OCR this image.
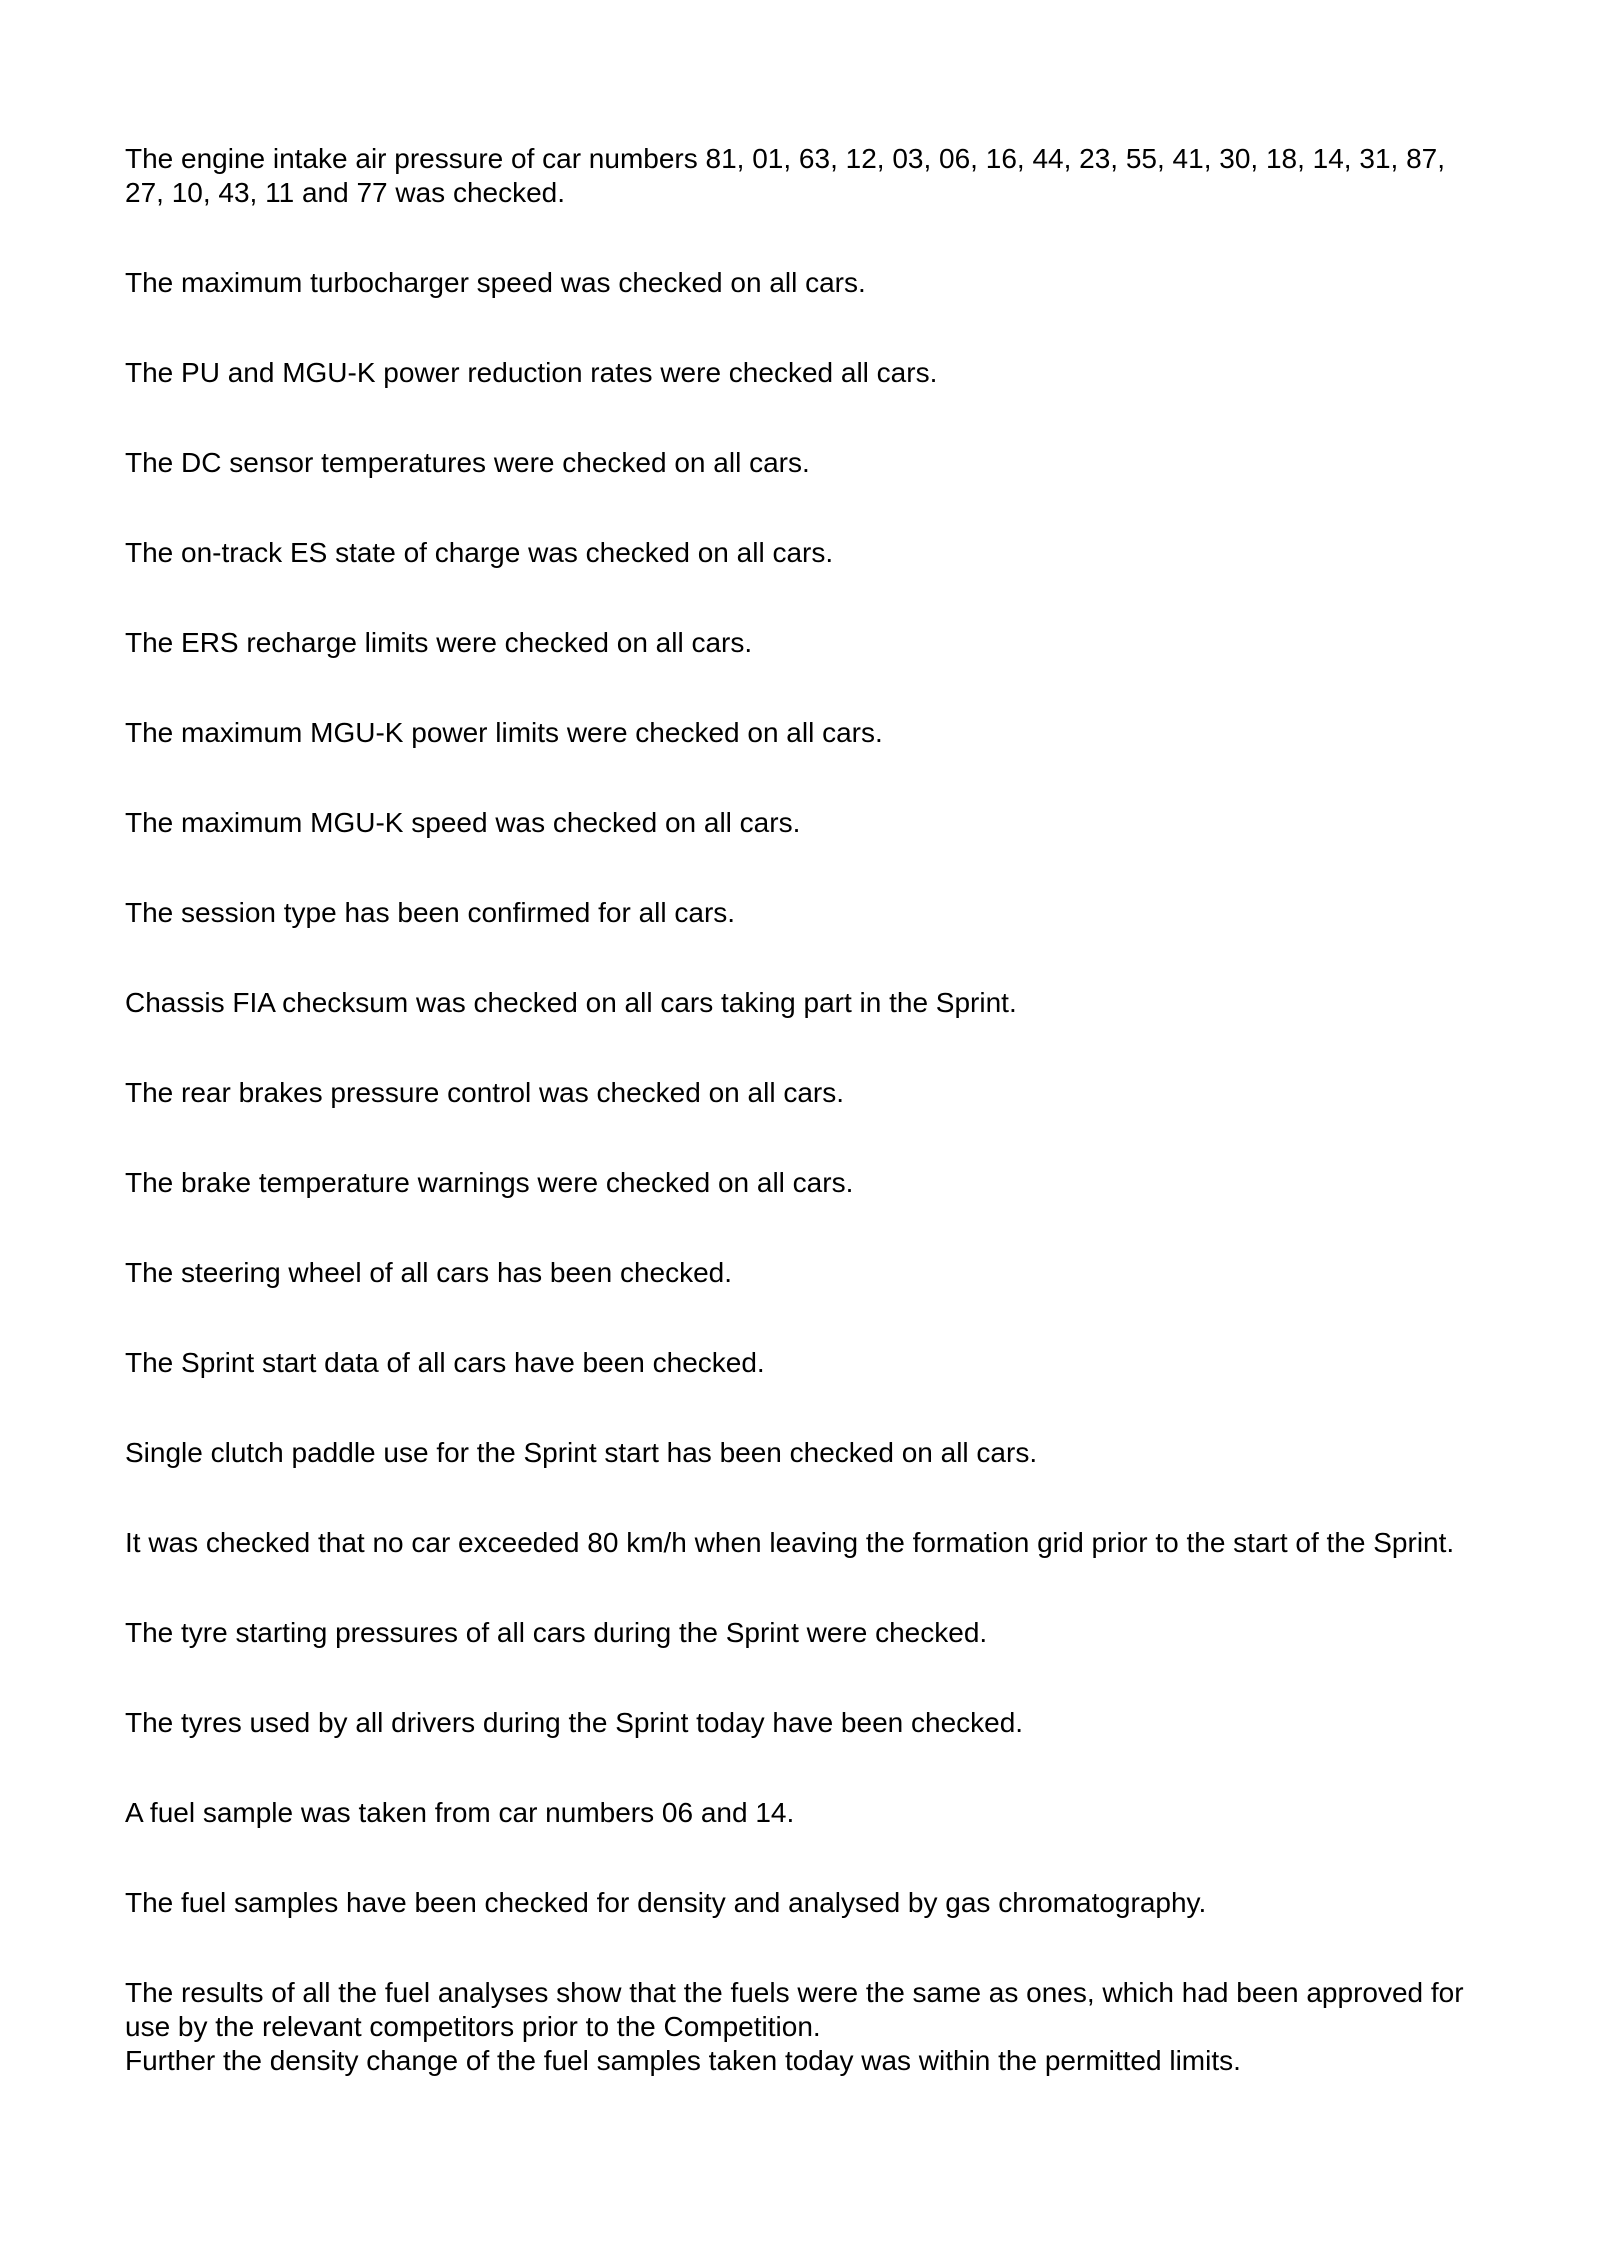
The engine intake air pressure of car numbers 81, 01, 63, 12, 03, 06, 16, 44, 23, 55, 41, 30, 18, 14, 31, 87, 27, 10, 43, 11 and 77 was checked.

The maximum turbocharger speed was checked on all cars.

The PU and MGU-K power reduction rates were checked all cars.

The DC sensor temperatures were checked on all cars.

The on-track ES state of charge was checked on all cars.

The ERS recharge limits were checked on all cars.

The maximum MGU-K power limits were checked on all cars.

The maximum MGU-K speed was checked on all cars.

The session type has been confirmed for all cars.

Chassis FIA checksum was checked on all cars taking part in the Sprint.

The rear brakes pressure control was checked on all cars.

The brake temperature warnings were checked on all cars.

The steering wheel of all cars has been checked.

The Sprint start data of all cars have been checked.

Single clutch paddle use for the Sprint start has been checked on all cars.

It was checked that no car exceeded 80 km/h when leaving the formation grid prior to the start of the Sprint.

The tyre starting pressures of all cars during the Sprint were checked.

The tyres used by all drivers during the Sprint today have been checked.

A fuel sample was taken from car numbers 06 and 14.

The fuel samples have been checked for density and analysed by gas chromatography.

The results of all the fuel analyses show that the fuels were the same as ones, which had been approved for use by the relevant competitors prior to the Competition.

Further the density change of the fuel samples taken today was within the permitted limits.
